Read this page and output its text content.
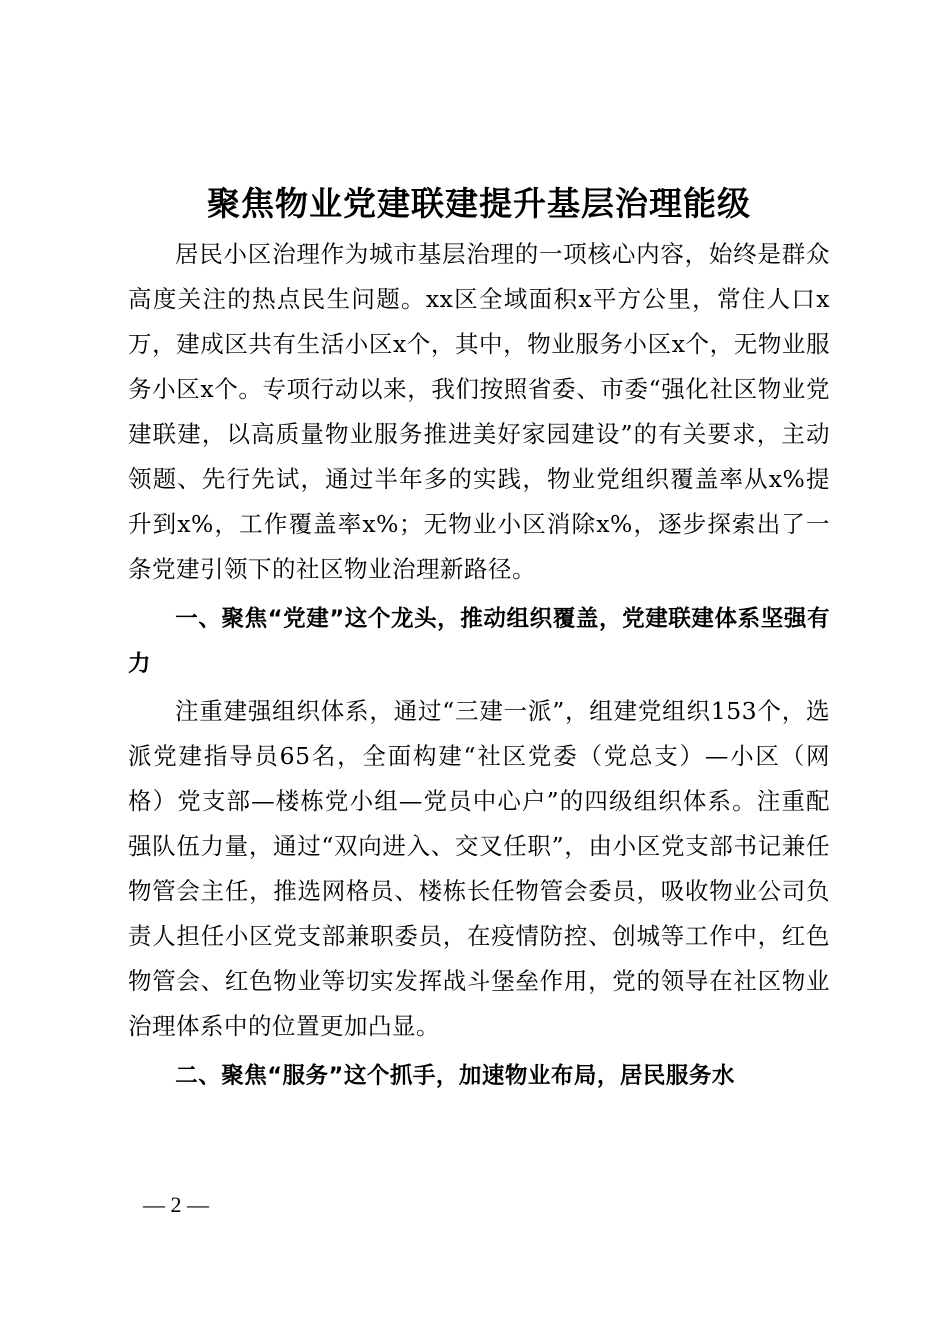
聚焦物业党建联建提升基层治理能级

居民小区治理作为城市基层治理的一项核心内容，始终是群众高度关注的热点民生问题。xx区全域面积x平方公里，常住人口x万，建成区共有生活小区x个，其中，物业服务小区x个，无物业服务小区x个。专项行动以来，我们按照省委、市委“强化社区物业党建联建，以高质量物业服务推进美好家园建设”的有关要求，主动领题、先行先试，通过半年多的实践，物业党组织覆盖率从x%提升到x%，工作覆盖率x%；无物业小区消除x%，逐步探索出了一条党建引领下的社区物业治理新路径。

一、聚焦“党建”这个龙头，推动组织覆盖，党建联建体系坚强有力

注重建强组织体系，通过“三建一派”，组建党组织153个，选派党建指导员65名，全面构建“社区党委（党总支）—小区（网格）党支部—楼栋党小组—党员中心户”的四级组织体系。注重配强队伍力量，通过“双向进入、交叉任职”，由小区党支部书记兼任物管会主任，推选网格员、楼栋长任物管会委员，吸收物业公司负责人担任小区党支部兼职委员，在疫情防控、创城等工作中，红色物管会、红色物业等切实发挥战斗堡垒作用，党的领导在社区物业治理体系中的位置更加凸显。

二、聚焦“服务”这个抓手，加速物业布局，居民服务水

— 2 —
